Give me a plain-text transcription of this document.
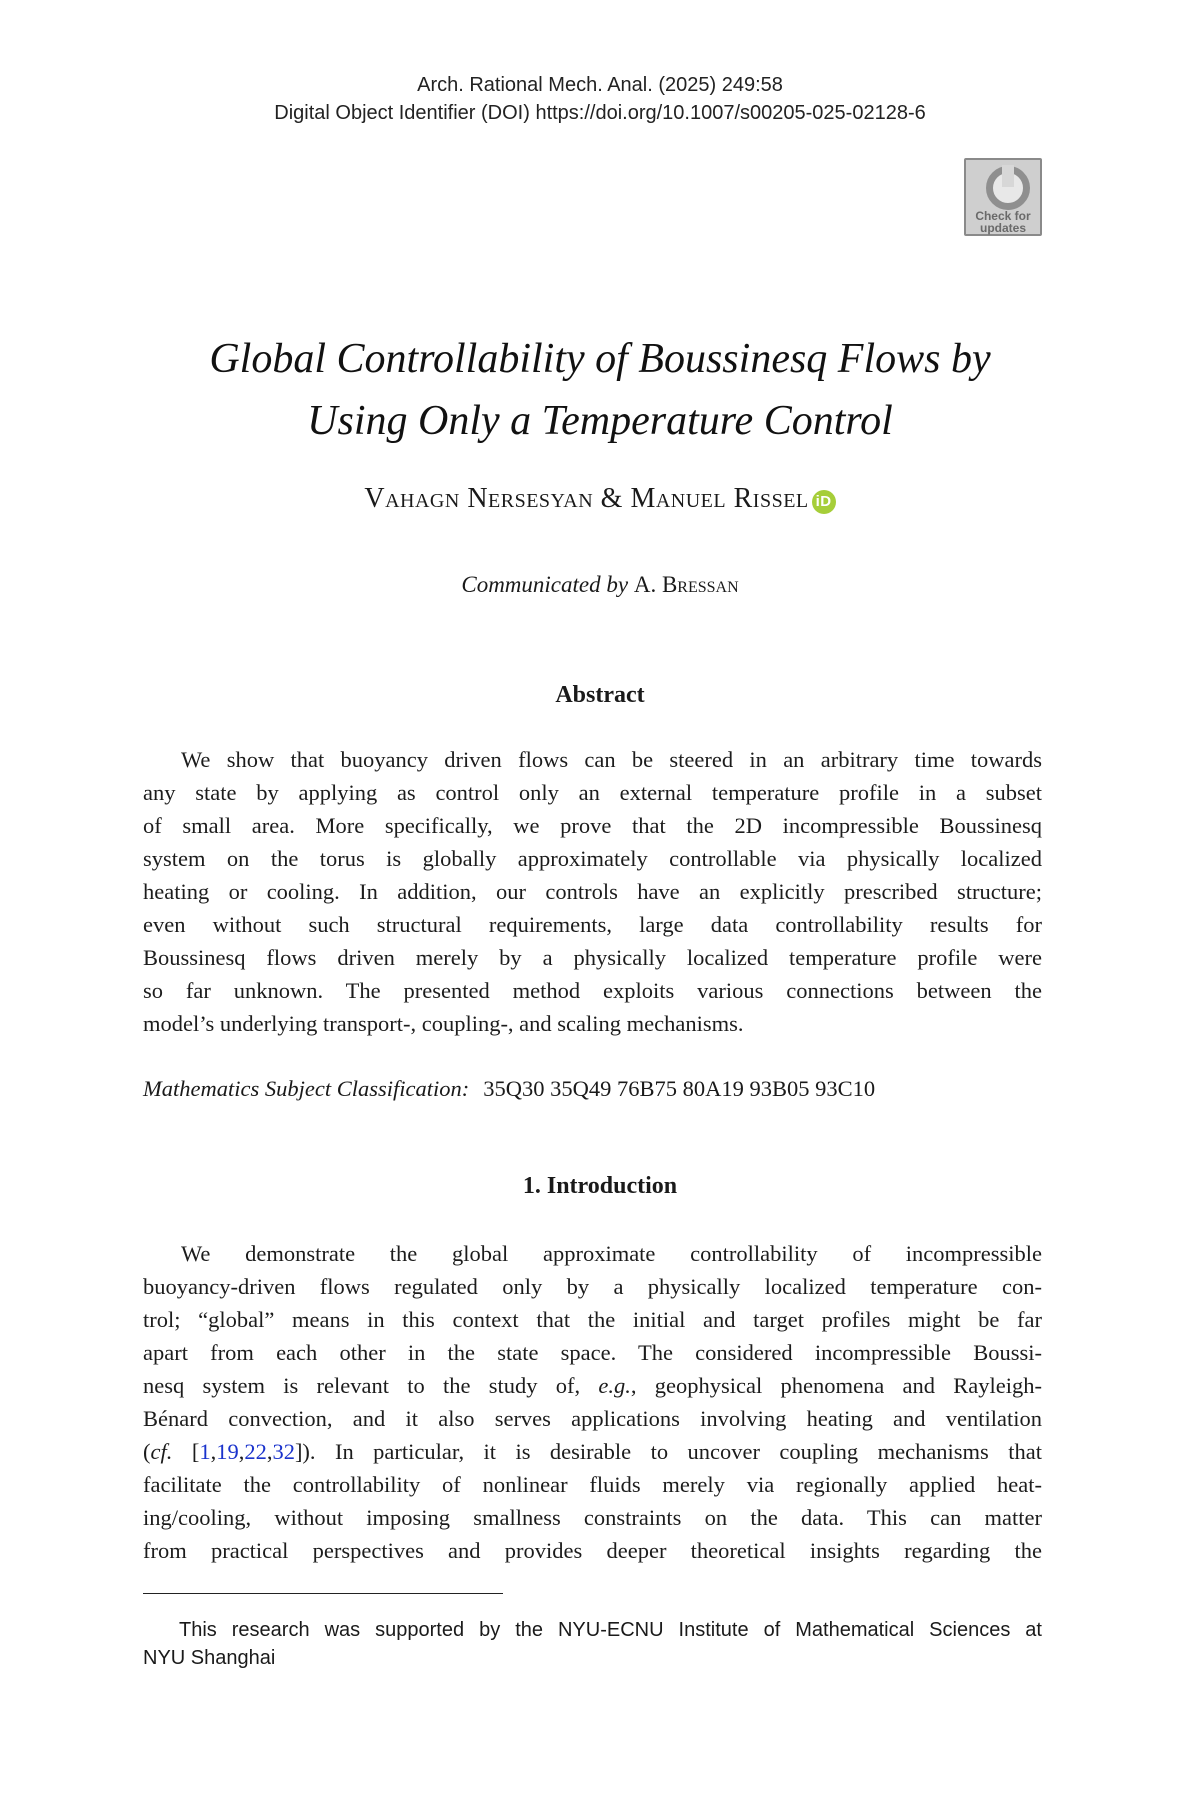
Arch. Rational Mech. Anal. (2025) 249:58
Digital Object Identifier (DOI) https://doi.org/10.1007/s00205-025-02128-6
Check for
updates
Global Controllability of Boussinesq Flows by
Using Only a Temperature Control
Vahagn Nersesyan & Manuel Rissel iD
Communicated by A. Bressan
Abstract
We show that buoyancy driven flows can be steered in an arbitrary time towards
any state by applying as control only an external temperature profile in a subset
of small area. More specifically, we prove that the 2D incompressible Boussinesq
system on the torus is globally approximately controllable via physically localized
heating or cooling. In addition, our controls have an explicitly prescribed structure;
even without such structural requirements, large data controllability results for
Boussinesq flows driven merely by a physically localized temperature profile were
so far unknown. The presented method exploits various connections between the
model’s underlying transport-, coupling-, and scaling mechanisms.
Mathematics Subject Classification: 35Q30 35Q49 76B75 80A19 93B05 93C10
1. Introduction
We demonstrate the global approximate controllability of incompressible
buoyancy-driven flows regulated only by a physically localized temperature con-
trol; “global” means in this context that the initial and target profiles might be far
apart from each other in the state space. The considered incompressible Boussi-
nesq system is relevant to the study of, e.g., geophysical phenomena and Rayleigh-
Bénard convection, and it also serves applications involving heating and ventilation
(cf. [1,19,22,32]). In particular, it is desirable to uncover coupling mechanisms that
facilitate the controllability of nonlinear fluids merely via regionally applied heat-
ing/cooling, without imposing smallness constraints on the data. This can matter
from practical perspectives and provides deeper theoretical insights regarding the
This research was supported by the NYU-ECNU Institute of Mathematical Sciences at
NYU Shanghai
